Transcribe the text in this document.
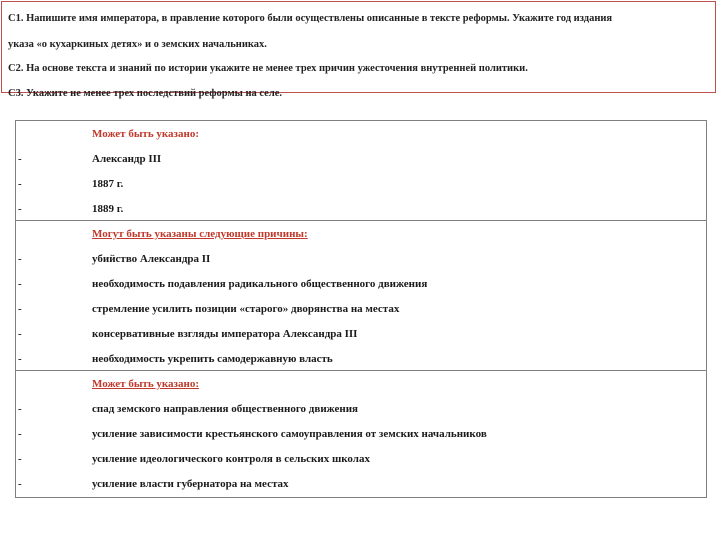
С1. Напишите имя императора, в правление которого были осуществлены описанные в тексте реформы. Укажите год издания
указа «о кухаркиных детях» и о земских начальниках.
С2. На основе текста и знаний по истории укажите не менее трех причин ужесточения внутренней политики.
С3. Укажите не менее трех последствий реформы на селе.
Может быть указано:
-	Александр III
-	1887 г.
-	1889 г.
Могут быть указаны следующие причины:
-	убийство Александра II
-	необходимость подавления радикального общественного движения
-	стремление усилить позиции «старого» дворянства на местах
-	консервативные взгляды императора Александра III
-	необходимость укрепить самодержавную власть
Может быть указано:
-	спад земского направления общественного движения
-	усиление зависимости крестьянского самоуправления от земских начальников
-	усиление идеологического контроля в сельских школах
-	усиление власти губернатора на местах
